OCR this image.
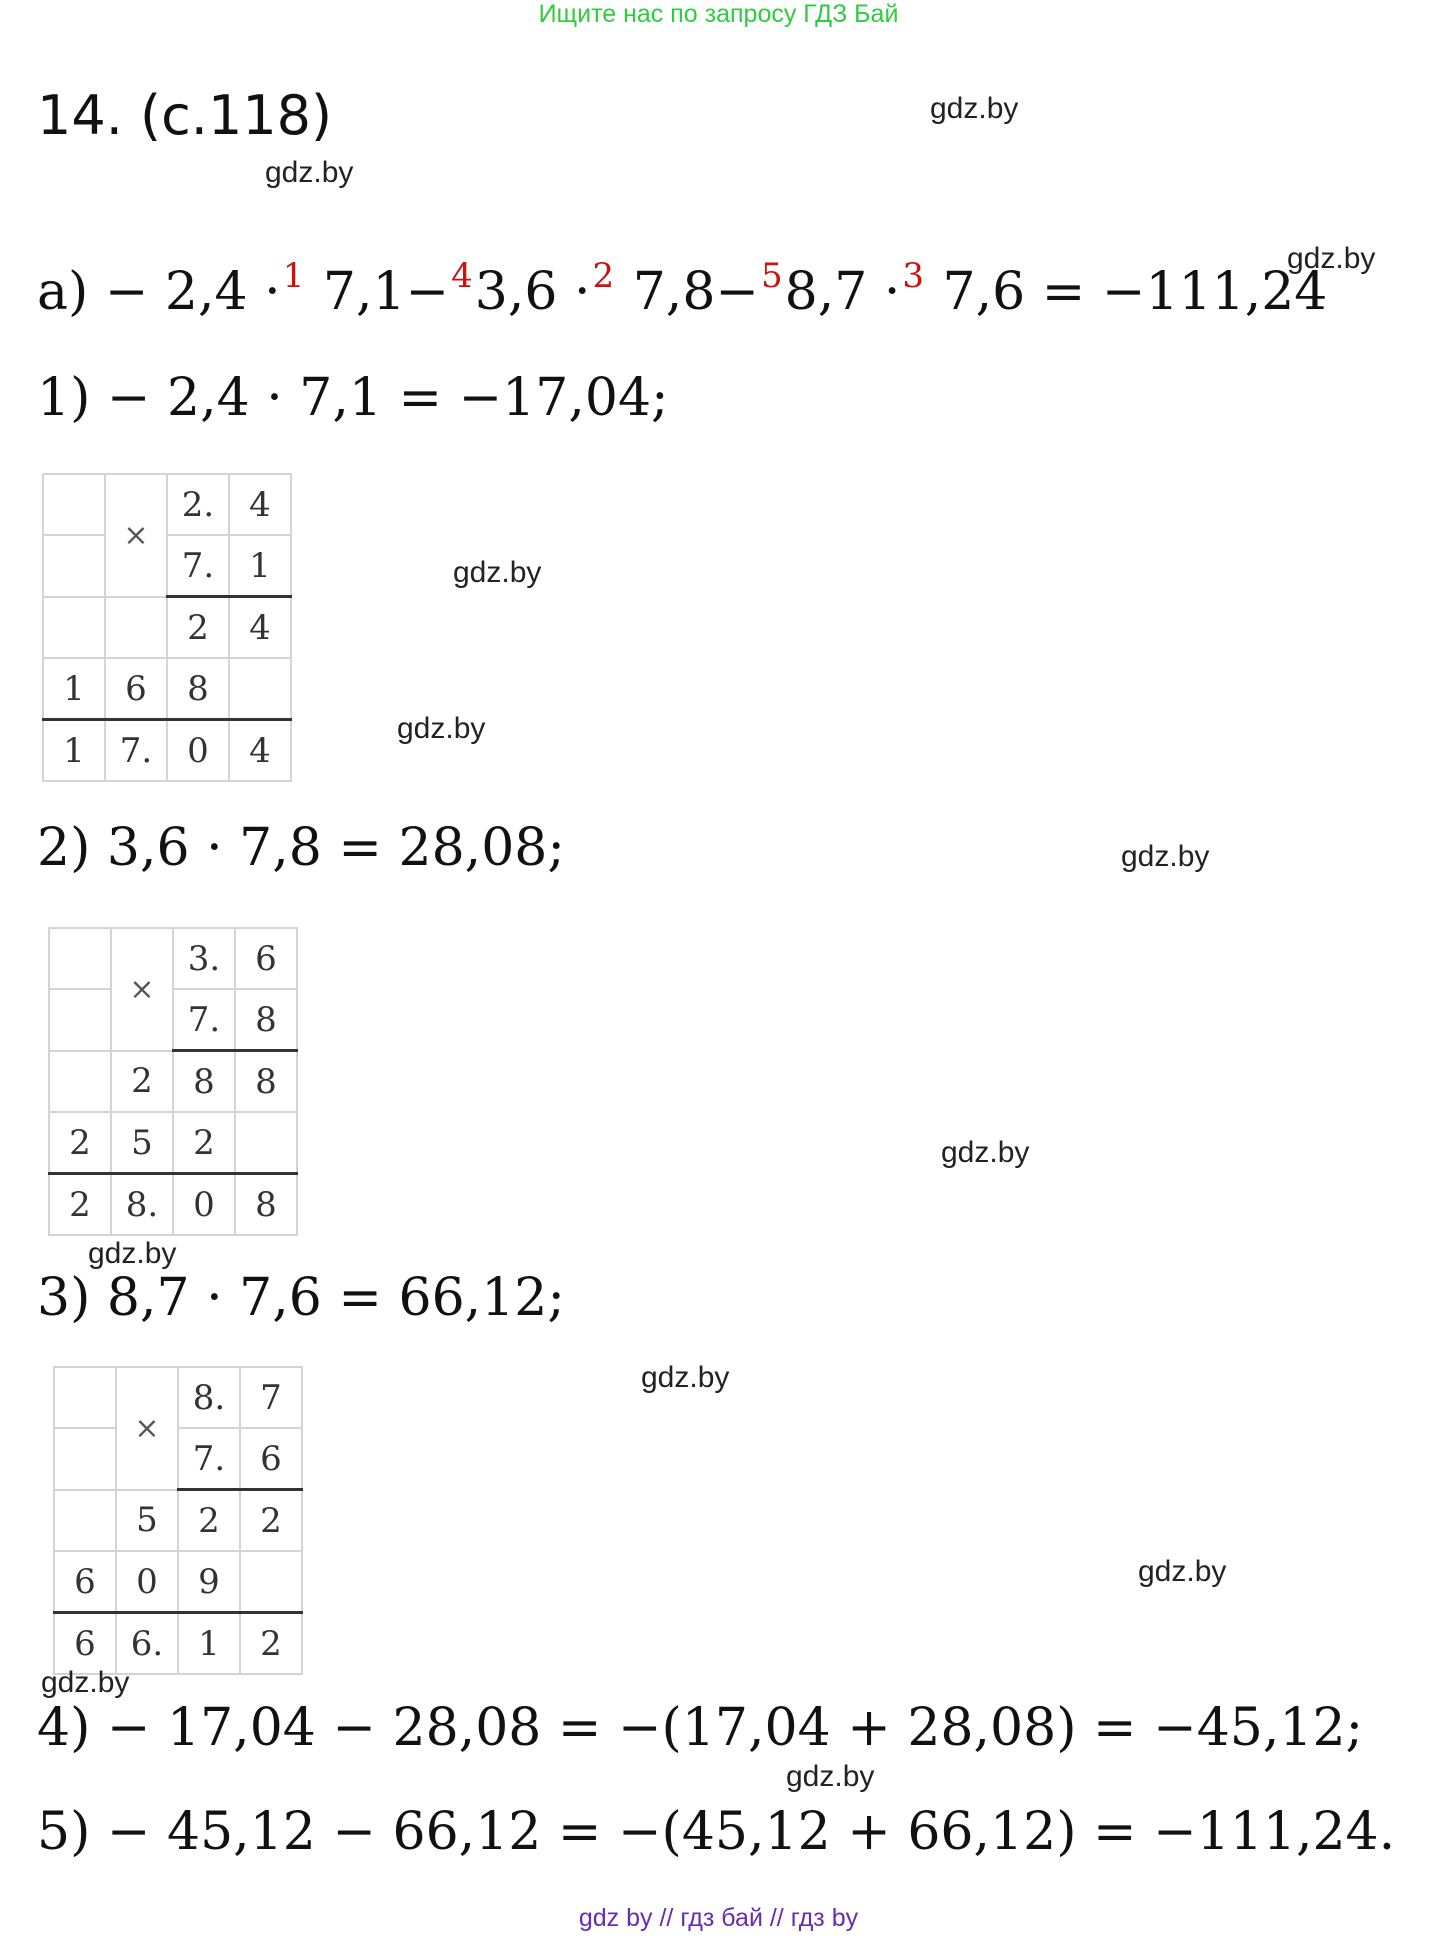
Ищите нас по запросу ГДЗ Бай
14. (с.118)	gdz.by
gdz.by
gdz.by
a) − 2,4 ·$^1$ 7,1−$^4$3,6 ·$^2$ 7,8−$^5$8,7 ·$^3$ 7,6 = −111,24
1) − 2,4 · 7,1 = −17,04;
	×	2.	4
		7.	1
		2	4
1	6	8	
1	7.	0	4
gdz.by
gdz.by
2) 3,6 · 7,8 = 28,08;	gdz.by
	×	3.	6
		7.	8
	2	8	8
2	5	2	
2	8.	0	8
gdz.by
gdz.by
3) 8,7 · 7,6 = 66,12;
gdz.by
	×	8.	7
		7.	6
	5	2	2
6	0	9	
6	6.	1	2
gdz.by
gdz.by
4) − 17,04 − 28,08 = −(17,04 + 28,08) = −45,12;
gdz.by
5) − 45,12 − 66,12 = −(45,12 + 66,12) = −111,24.
gdz by // гдз бай // гдз by
